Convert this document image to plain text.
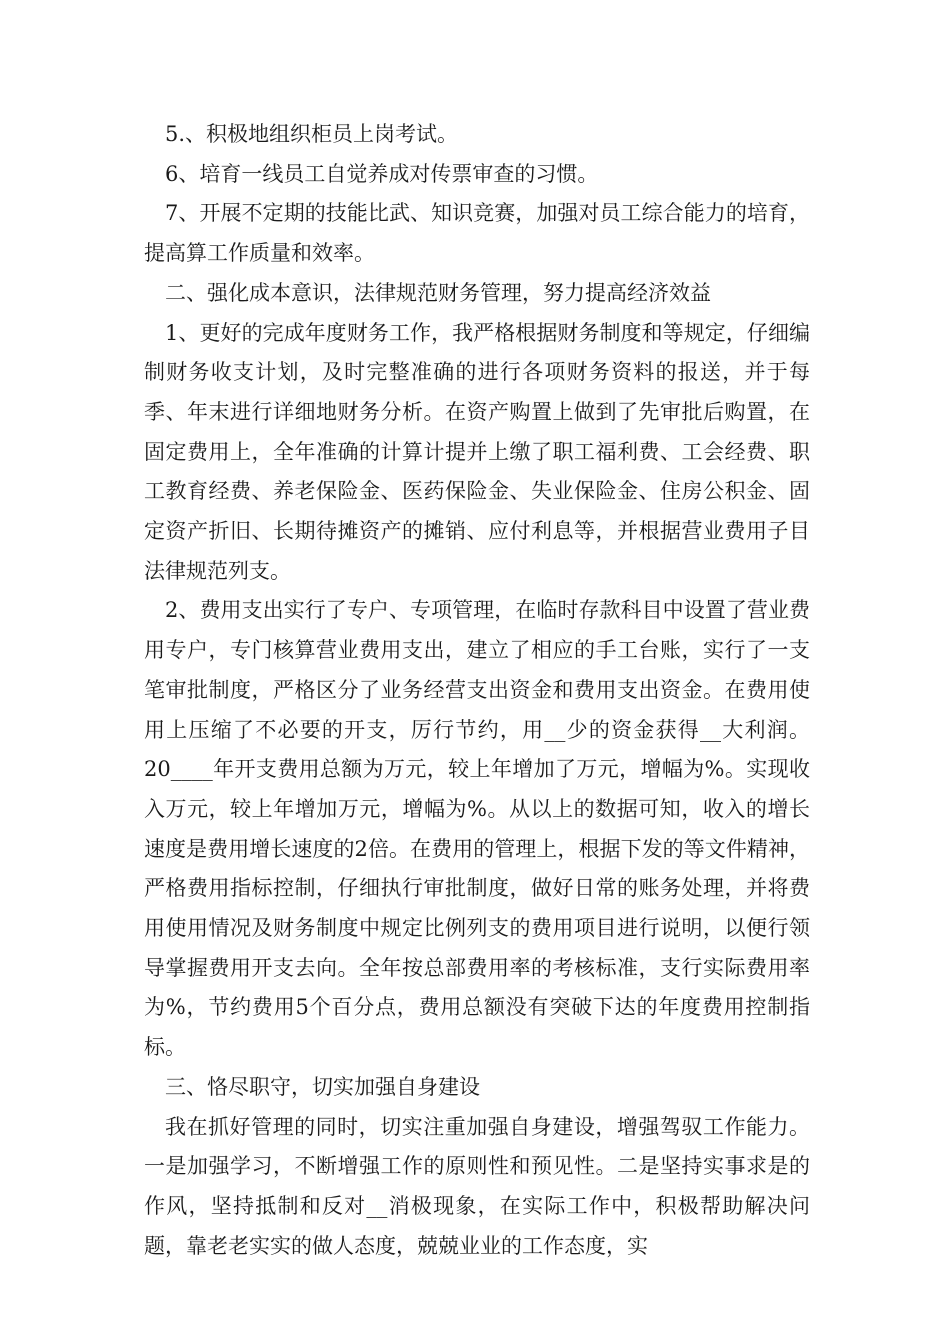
5.、积极地组织柜员上岗考试。

6、培育一线员工自觉养成对传票审查的习惯。

7、开展不定期的技能比武、知识竞赛，加强对员工综合能力的培育，提高算工作质量和效率。

二、强化成本意识，法律规范财务管理，努力提高经济效益

1、更好的完成年度财务工作，我严格根据财务制度和等规定，仔细编制财务收支计划，及时完整准确的进行各项财务资料的报送，并于每季、年末进行详细地财务分析。在资产购置上做到了先审批后购置，在固定费用上，全年准确的计算计提并上缴了职工福利费、工会经费、职工教育经费、养老保险金、医药保险金、失业保险金、住房公积金、固定资产折旧、长期待摊资产的摊销、应付利息等，并根据营业费用子目法律规范列支。

2、费用支出实行了专户、专项管理，在临时存款科目中设置了营业费用专户，专门核算营业费用支出，建立了相应的手工台账，实行了一支笔审批制度，严格区分了业务经营支出资金和费用支出资金。在费用使用上压缩了不必要的开支，厉行节约，用__少的资金获得__大利润。20____年开支费用总额为万元，较上年增加了万元，增幅为%。实现收入万元，较上年增加万元，增幅为%。从以上的数据可知，收入的增长速度是费用增长速度的2倍。在费用的管理上，根据下发的等文件精神，严格费用指标控制，仔细执行审批制度，做好日常的账务处理，并将费用使用情况及财务制度中规定比例列支的费用项目进行说明，以便行领导掌握费用开支去向。全年按总部费用率的考核标准，支行实际费用率为%，节约费用5个百分点，费用总额没有突破下达的年度费用控制指标。

三、恪尽职守，切实加强自身建设

我在抓好管理的同时，切实注重加强自身建设，增强驾驭工作能力。一是加强学习，不断增强工作的原则性和预见性。二是坚持实事求是的作风，坚持抵制和反对__消极现象，在实际工作中，积极帮助解决问题，靠老老实实的做人态度，兢兢业业的工作态度，实
